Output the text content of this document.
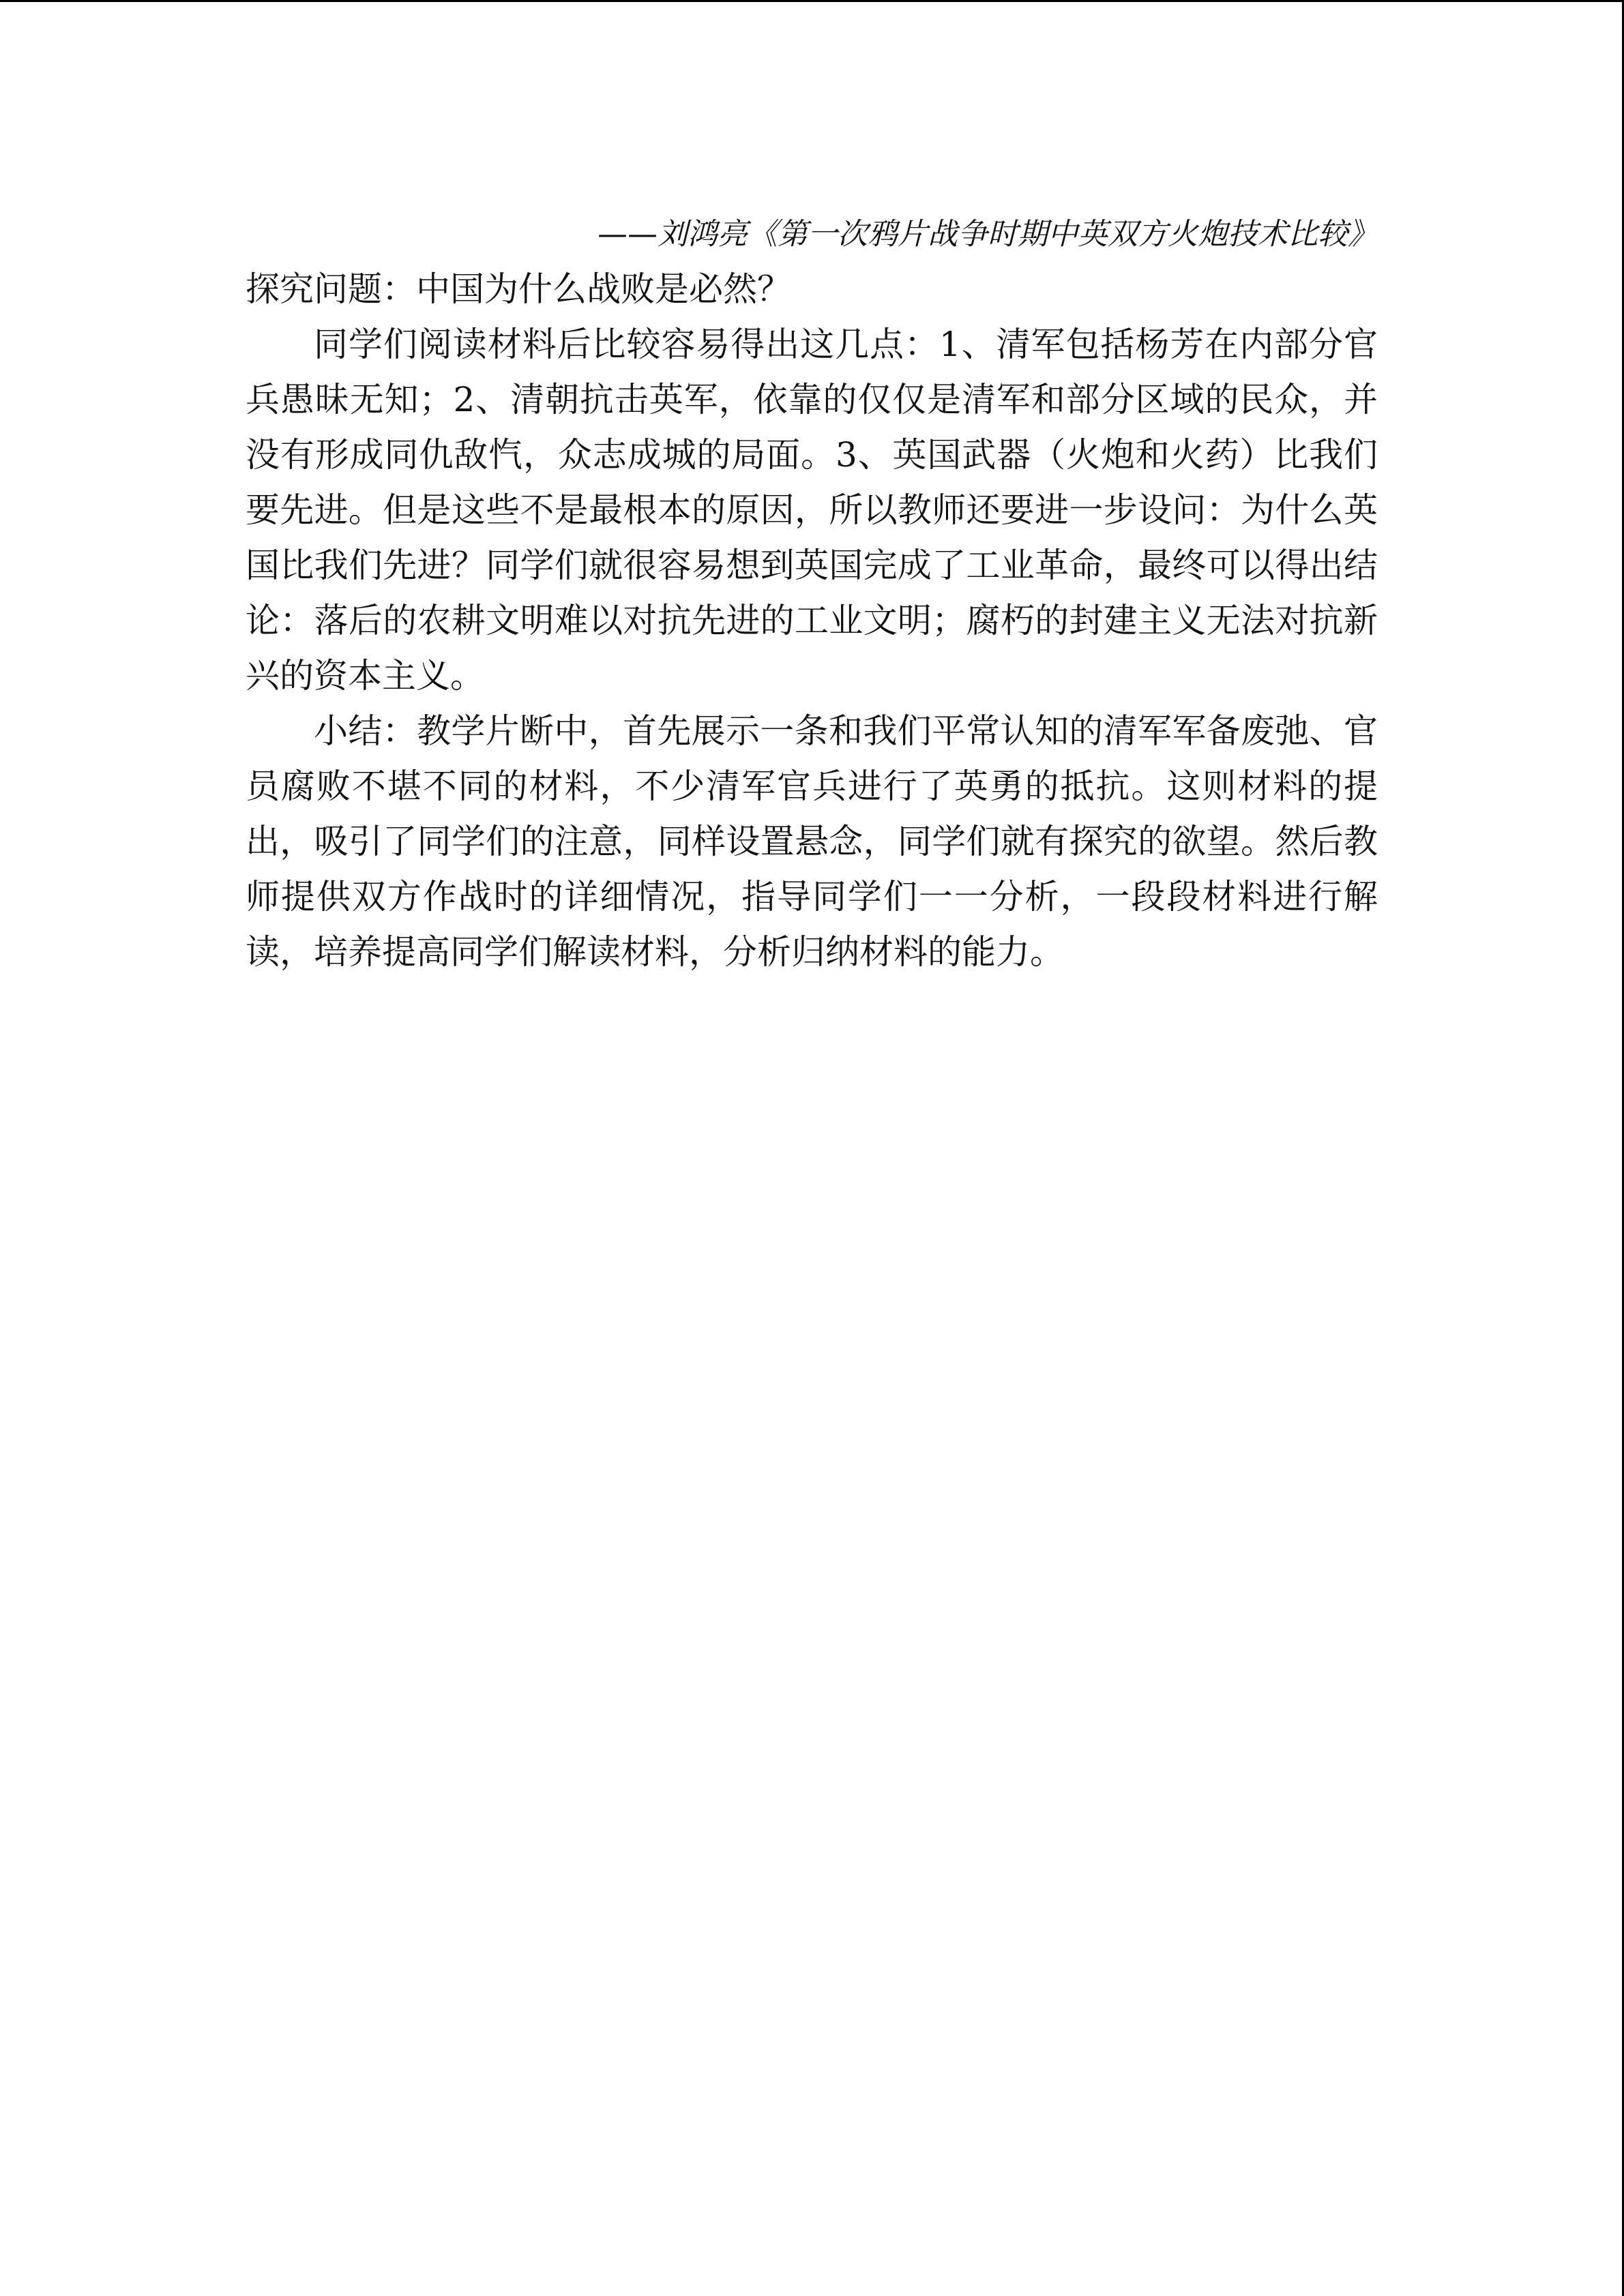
——刘鸿亮《第一次鸦片战争时期中英双方火炮技术比较》

探究问题：中国为什么战败是必然？

同学们阅读材料后比较容易得出这几点：1、清军包括杨芳在内部分官兵愚昧无知；2、清朝抗击英军，依靠的仅仅是清军和部分区域的民众，并没有形成同仇敌忾，众志成城的局面。3、英国武器（火炮和火药）比我们要先进。但是这些不是最根本的原因，所以教师还要进一步设问：为什么英国比我们先进？同学们就很容易想到英国完成了工业革命，最终可以得出结论：落后的农耕文明难以对抗先进的工业文明；腐朽的封建主义无法对抗新兴的资本主义。

小结：教学片断中，首先展示一条和我们平常认知的清军军备废弛、官员腐败不堪不同的材料，不少清军官兵进行了英勇的抵抗。这则材料的提出，吸引了同学们的注意，同样设置悬念，同学们就有探究的欲望。然后教师提供双方作战时的详细情况，指导同学们一一分析，一段段材料进行解读，培养提高同学们解读材料，分析归纳材料的能力。
